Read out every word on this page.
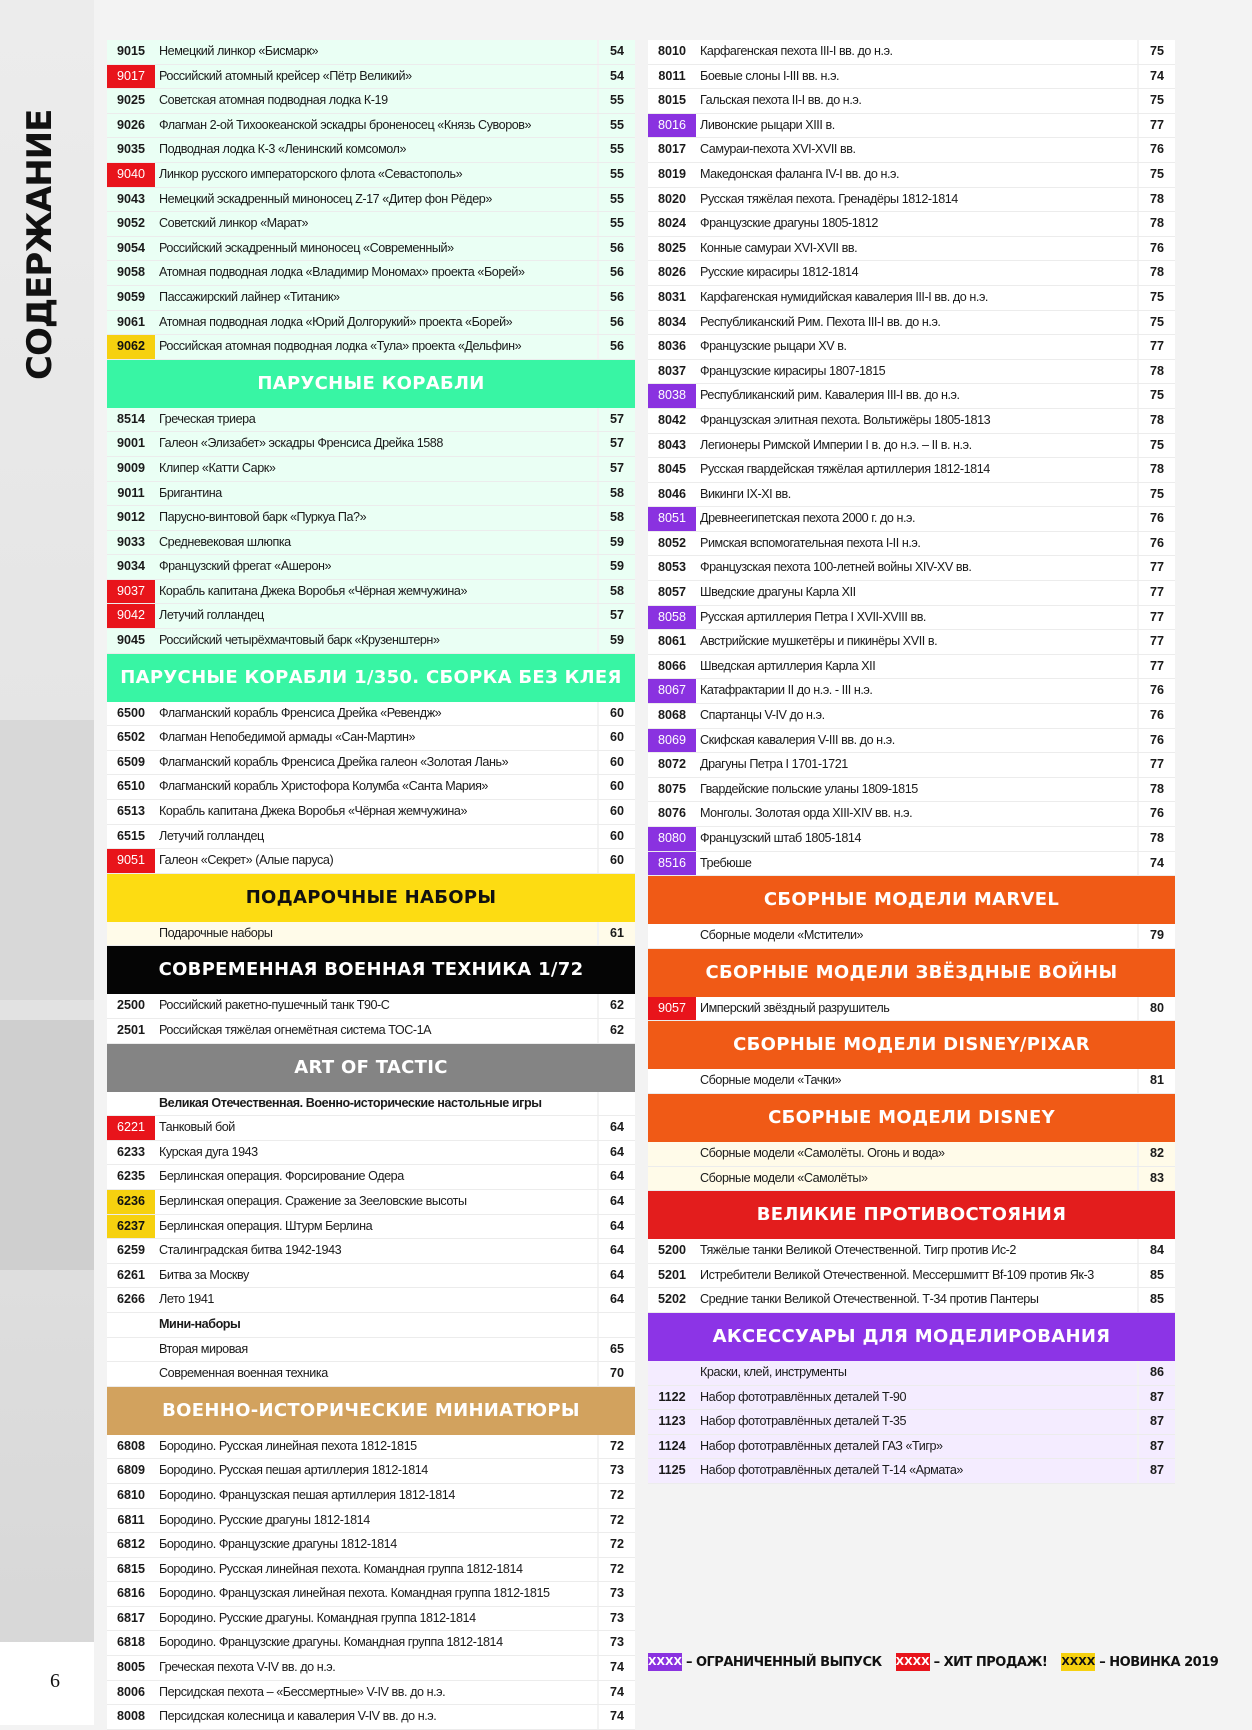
СОДЕРЖАНИЕ
6
9015	Немецкий линкор «Бисмарк»	54
9017	Российский атомный крейсер «Пётр Великий»	54
9025	Советская атомная подводная лодка К-19	55
9026	Флагман 2-ой Тихоокеанской эскадры броненосец «Князь Суворов»	55
9035	Подводная лодка К-3 «Ленинский комсомол»	55
9040	Линкор русского императорского флота «Севастополь»	55
9043	Немецкий эскадренный миноносец Z-17 «Дитер фон Рёдер»	55
9052	Советский линкор «Марат»	55
9054	Российский эскадренный миноносец «Современный»	56
9058	Атомная подводная лодка «Владимир Мономах» проекта «Борей»	56
9059	Пассажирский лайнер «Титаник»	56
9061	Атомная подводная лодка «Юрий Долгорукий» проекта «Борей»	56
9062	Российская атомная подводная лодка «Тула» проекта «Дельфин»	56
ПАРУСНЫЕ КОРАБЛИ
8514	Греческая триера	57
9001	Галеон «Элизабет» эскадры Френсиса Дрейка 1588	57
9009	Клипер «Катти Сарк»	57
9011	Бригантина	58
9012	Парусно-винтовой барк «Пуркуа Па?»	58
9033	Средневековая шлюпка	59
9034	Французский фрегат «Ашерон»	59
9037	Корабль капитана Джека Воробья «Чёрная жемчужина»	58
9042	Летучий голландец	57
9045	Российский четырёхмачтовый барк «Крузенштерн»	59
ПАРУСНЫЕ КОРАБЛИ 1/350. СБОРКА БЕЗ КЛЕЯ
6500	Флагманский корабль Френсиса Дрейка «Ревендж»	60
6502	Флагман Непобедимой армады «Сан-Мартин»	60
6509	Флагманский корабль Френсиса Дрейка галеон «Золотая Лань»	60
6510	Флагманский корабль Христофора Колумба «Санта Мария»	60
6513	Корабль капитана Джека Воробья «Чёрная жемчужина»	60
6515	Летучий голландец	60
9051	Галеон «Секрет» (Алые паруса)	60
ПОДАРОЧНЫЕ НАБОРЫ
Подарочные наборы	61
СОВРЕМЕННАЯ ВОЕННАЯ ТЕХНИКА 1/72
2500	Российский ракетно-пушечный танк Т90-С	62
2501	Российская тяжёлая огнемётная система ТОС-1А	62
ART OF TACTIC
Великая Отечественная. Военно-исторические настольные игры
6221	Танковый бой	64
6233	Курская дуга 1943	64
6235	Берлинская операция. Форсирование Одера	64
6236	Берлинская операция. Сражение за Зееловские высоты	64
6237	Берлинская операция. Штурм Берлина	64
6259	Сталинградская битва 1942-1943	64
6261	Битва за Москву	64
6266	Лето 1941	64
Мини-наборы
Вторая мировая	65
Современная военная техника	70
ВОЕННО-ИСТОРИЧЕСКИЕ МИНИАТЮРЫ
6808	Бородино. Русская линейная пехота 1812-1815	72
6809	Бородино. Русская пешая артиллерия 1812-1814	73
6810	Бородино. Французская пешая артиллерия 1812-1814	72
6811	Бородино. Русские драгуны 1812-1814	72
6812	Бородино. Французские драгуны 1812-1814	72
6815	Бородино. Русская линейная пехота. Командная группа 1812-1814	72
6816	Бородино. Французская линейная пехота. Командная группа 1812-1815	73
6817	Бородино. Русские драгуны. Командная группа 1812-1814	73
6818	Бородино. Французские драгуны. Командная группа 1812-1814	73
8005	Греческая пехота V-IV вв. до н.э.	74
8006	Персидская пехота – «Бессмертные» V-IV вв. до н.э.	74
8008	Персидская колесница и кавалерия V-IV вв. до н.э.	74
8010	Карфагенская пехота III-I вв. до н.э.	75
8011	Боевые слоны I-III вв. н.э.	74
8015	Гальская пехота II-I вв. до н.э.	75
8016	Ливонские рыцари XIII в.	77
8017	Самураи-пехота XVI-XVII вв.	76
8019	Македонская фаланга IV-I вв. до н.э.	75
8020	Русская тяжёлая пехота. Гренадёры 1812-1814	78
8024	Французские драгуны 1805-1812	78
8025	Конные самураи XVI-XVII вв.	76
8026	Русские кирасиры 1812-1814	78
8031	Карфагенская нумидийская кавалерия III-I вв. до н.э.	75
8034	Республиканский Рим. Пехота III-I вв. до н.э.	75
8036	Французские рыцари XV в.	77
8037	Французские кирасиры 1807-1815	78
8038	Республиканский рим. Кавалерия III-I вв. до н.э.	75
8042	Французская элитная пехота. Вольтижёры 1805-1813	78
8043	Легионеры Римской Империи I в. до н.э. – II в. н.э.	75
8045	Русская гвардейская тяжёлая артиллерия 1812-1814	78
8046	Викинги IX-XI вв.	75
8051	Древнеегипетская пехота 2000 г. до н.э.	76
8052	Римская вспомогательная пехота I-II н.э.	76
8053	Французская пехота 100-летней войны XIV-XV вв.	77
8057	Шведские драгуны Карла XII	77
8058	Русская артиллерия Петра I XVII-XVIII вв.	77
8061	Австрийские мушкетёры и пикинёры XVII в.	77
8066	Шведская артиллерия Карла XII	77
8067	Катафрактарии II до н.э. - III н.э.	76
8068	Спартанцы V-IV до н.э.	76
8069	Скифская кавалерия V-III вв. до н.э.	76
8072	Драгуны Петра I 1701-1721	77
8075	Гвардейские польские уланы 1809-1815	78
8076	Монголы. Золотая орда XIII-XIV вв. н.э.	76
8080	Французский штаб 1805-1814	78
8516	Требюше	74
СБОРНЫЕ МОДЕЛИ MARVEL
Сборные модели «Мстители»	79
СБОРНЫЕ МОДЕЛИ ЗВЁЗДНЫЕ ВОЙНЫ
9057	Имперский звёздный разрушитель	80
СБОРНЫЕ МОДЕЛИ DISNEY/PIXAR
Сборные модели «Тачки»	81
СБОРНЫЕ МОДЕЛИ DISNEY
Сборные модели «Самолёты. Огонь и вода»	82
Сборные модели «Самолёты»	83
ВЕЛИКИЕ ПРОТИВОСТОЯНИЯ
5200	Тяжёлые танки Великой Отечественной. Тигр против Ис-2	84
5201	Истребители Великой Отечественной. Мессершмитт Bf-109 против Як-3	85
5202	Средние танки Великой Отечественной. Т-34 против Пантеры	85
АКСЕССУАРЫ ДЛЯ МОДЕЛИРОВАНИЯ
Краски, клей, инструменты	86
1122	Набор фототравлённых деталей Т-90	87
1123	Набор фототравлённых деталей Т-35	87
1124	Набор фототравлённых деталей ГАЗ «Тигр»	87
1125	Набор фототравлённых деталей Т-14 «Армата»	87
XXXX – ОГРАНИЧЕННЫЙ ВЫПУСК XXXX – ХИТ ПРОДАЖ! XXXX – НОВИНКА 2019
